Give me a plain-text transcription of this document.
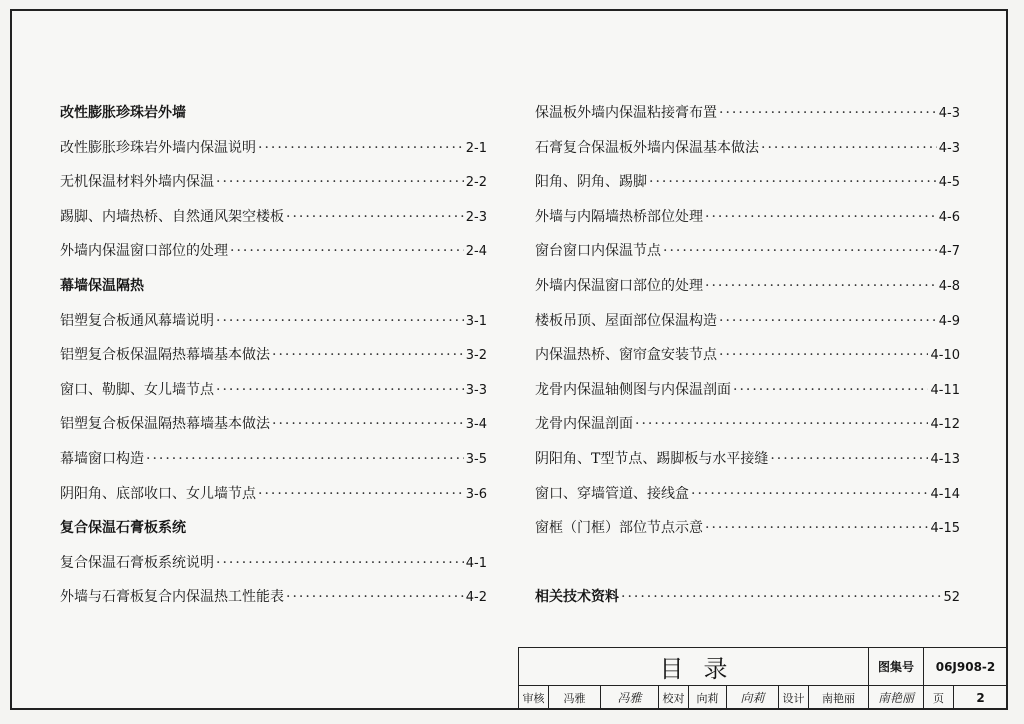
改性膨胀珍珠岩外墙
改性膨胀珍珠岩外墙内保温说明 ·····	2-1
无机保温材料外墙内保温 ·····	2-2
踢脚、内墙热桥、自然通风架空楼板 ·····	2-3
外墙内保温窗口部位的处理 ·····	2-4
幕墙保温隔热
铝塑复合板通风幕墙说明 ·····	3-1
铝塑复合板保温隔热幕墙基本做法 ·····	3-2
窗口、勒脚、女儿墙节点 ·····	3-3
铝塑复合板保温隔热幕墙基本做法 ·····	3-4
幕墙窗口构造 ·····	3-5
阴阳角、底部收口、女儿墙节点 ·····	3-6
复合保温石膏板系统
复合保温石膏板系统说明 ·····	4-1
外墙与石膏板复合内保温热工性能表 ·····	4-2
保温板外墙内保温粘接膏布置 ·····	4-3
石膏复合保温板外墙内保温基本做法 ·····	4-3
阳角、阴角、踢脚 ·····	4-5
外墙与内隔墙热桥部位处理 ·····	4-6
窗台窗口内保温节点 ·····	4-7
外墙内保温窗口部位的处理 ·····	4-8
楼板吊顶、屋面部位保温构造 ·····	4-9
内保温热桥、窗帘盒安装节点 ·····	4-10
龙骨内保温轴侧图与内保温剖面 ·····	4-11
龙骨内保温剖面 ·····	4-12
阴阳角、T型节点、踢脚板与水平接缝 ·····	4-13
窗口、穿墙管道、接线盒 ·····	4-14
窗框（门框）部位节点示意 ·····	4-15
相关技术资料 ·····	52
目录	图集号	06J908-2
审核	冯雅	冯雅	校对	向莉	向莉	设计	南艳丽	南艳丽	页	2
